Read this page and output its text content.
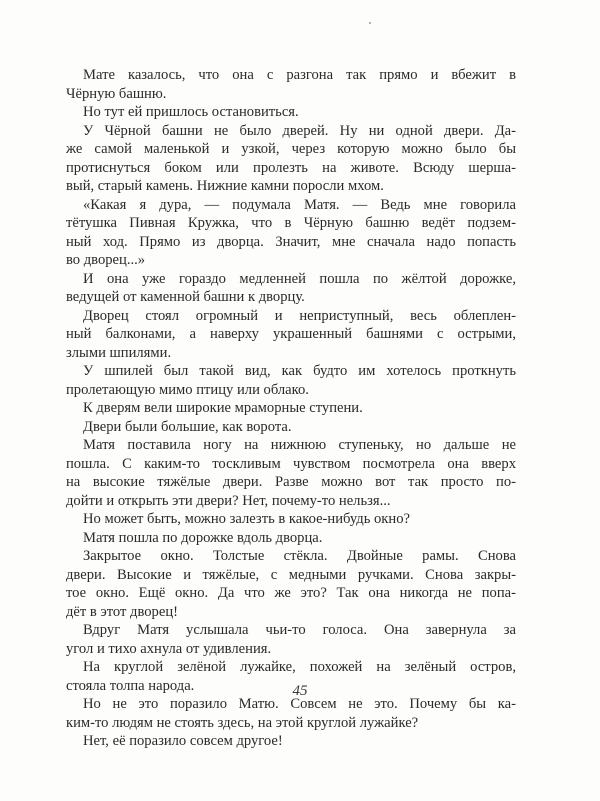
Мате казалось, что она с разгона так прямо и вбежит в
Чёрную башню.
Но тут ей пришлось остановиться.
У Чёрной башни не было дверей. Ну ни одной двери. Да-
же самой маленькой и узкой, через которую можно было бы
протиснуться боком или пролезть на животе. Всюду шерша-
вый, старый камень. Нижние камни поросли мхом.
«Какая я дура, — подумала Матя. — Ведь мне говорила
тётушка Пивная Кружка, что в Чёрную башню ведёт подзем-
ный ход. Прямо из дворца. Значит, мне сначала надо попасть
во дворец...»
И она уже гораздо медленней пошла по жёлтой дорожке,
ведущей от каменной башни к дворцу.
Дворец стоял огромный и неприступный, весь облеплен-
ный балконами, а наверху украшенный башнями с острыми,
злыми шпилями.
У шпилей был такой вид, как будто им хотелось проткнуть
пролетающую мимо птицу или облако.
К дверям вели широкие мраморные ступени.
Двери были большие, как ворота.
Матя поставила ногу на нижнюю ступеньку, но дальше не
пошла. С каким-то тоскливым чувством посмотрела она вверх
на высокие тяжёлые двери. Разве можно вот так просто по-
дойти и открыть эти двери? Нет, почему-то нельзя...
Но может быть, можно залезть в какое-нибудь окно?
Матя пошла по дорожке вдоль дворца.
Закрытое окно. Толстые стёкла. Двойные рамы. Снова
двери. Высокие и тяжёлые, с медными ручками. Снова закры-
тое окно. Ещё окно. Да что же это? Так она никогда не попа-
дёт в этот дворец!
Вдруг Матя услышала чьи-то голоса. Она завернула за
угол и тихо ахнула от удивления.
На круглой зелёной лужайке, похожей на зелёный остров,
стояла толпа народа.
Но не это поразило Матю. Совсем не это. Почему бы ка-
ким-то людям не стоять здесь, на этой круглой лужайке?
Нет, её поразило совсем другое!
45
